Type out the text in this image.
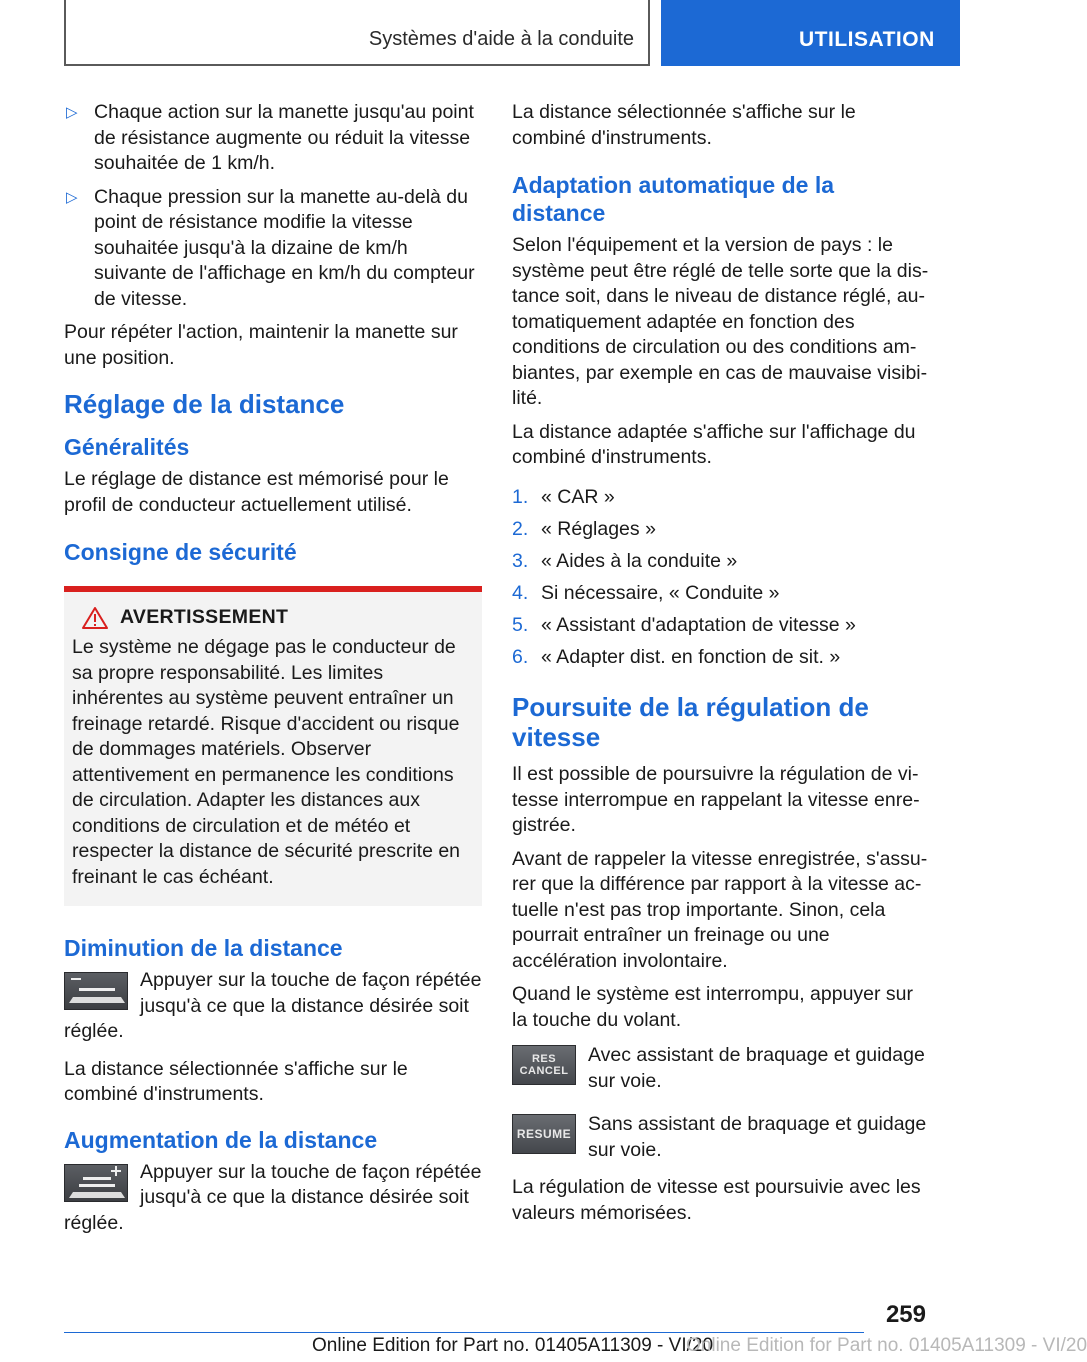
Systèmes d'aide à la conduite	UTILISATION
▷ Chaque action sur la manette jusqu'au point de résistance augmente ou réduit la vitesse souhaitée de 1 km/h.
▷ Chaque pression sur la manette au-delà du point de résistance modifie la vitesse souhaitée jusqu'à la dizaine de km/h suivante de l'affichage en km/h du compteur de vitesse.

Pour répéter l'action, maintenir la manette sur une position.

Réglage de la distance
Généralités

Le réglage de distance est mémorisé pour le profil de conducteur actuellement utilisé.

Consigne de sécurité
AVERTISSEMENT

Le système ne dégage pas le conducteur de sa propre responsabilité. Les limites inhérentes au système peuvent entraîner un freinage retardé. Risque d'accident ou risque de dommages matériels. Observer attentivement en permanence les conditions de circulation. Adapter les distances aux conditions de circulation et de météo et respecter la distance de sécurité prescrite en freinant le cas échéant.

Diminution de la distance
Appuyer sur la touche de façon répétée jusqu'à ce que la distance désirée soit réglée.

La distance sélectionnée s'affiche sur le combiné d'instruments.

Augmentation de la distance
Appuyer sur la touche de façon répétée jusqu'à ce que la distance désirée soit réglée.

La distance sélectionnée s'affiche sur le combiné d'instruments.

Adaptation automatique de la distance

Selon l'équipement et la version de pays : le système peut être réglé de telle sorte que la distance soit, dans le niveau de distance réglé, automatiquement adaptée en fonction des conditions de circulation ou des conditions ambiantes, par exemple en cas de mauvaise visibilité.

La distance adaptée s'affiche sur l'affichage du combiné d'instruments.

1. « CAR »
2. « Réglages »
3. « Aides à la conduite »
4. Si nécessaire, « Conduite »
5. « Assistant d'adaptation de vitesse »
6. « Adapter dist. en fonction de sit. »
Poursuite de la régulation de vitesse

Il est possible de poursuivre la régulation de vitesse interrompue en rappelant la vitesse enregistrée.

Avant de rappeler la vitesse enregistrée, s'assurer que la différence par rapport à la vitesse actuelle n'est pas trop importante. Sinon, cela pourrait entraîner un freinage ou une accélération involontaire.

Quand le système est interrompu, appuyer sur la touche du volant.

RES
CANCEL
Avec assistant de braquage et guidage sur voie.
RESUME Sans assistant de braquage et guidage sur voie.

La régulation de vitesse est poursuivie avec les valeurs mémorisées.

259
Online Edition for Part no. 01405A11309 - VI/20
Online Edition for Part no. 01405A11309 - VI/20
